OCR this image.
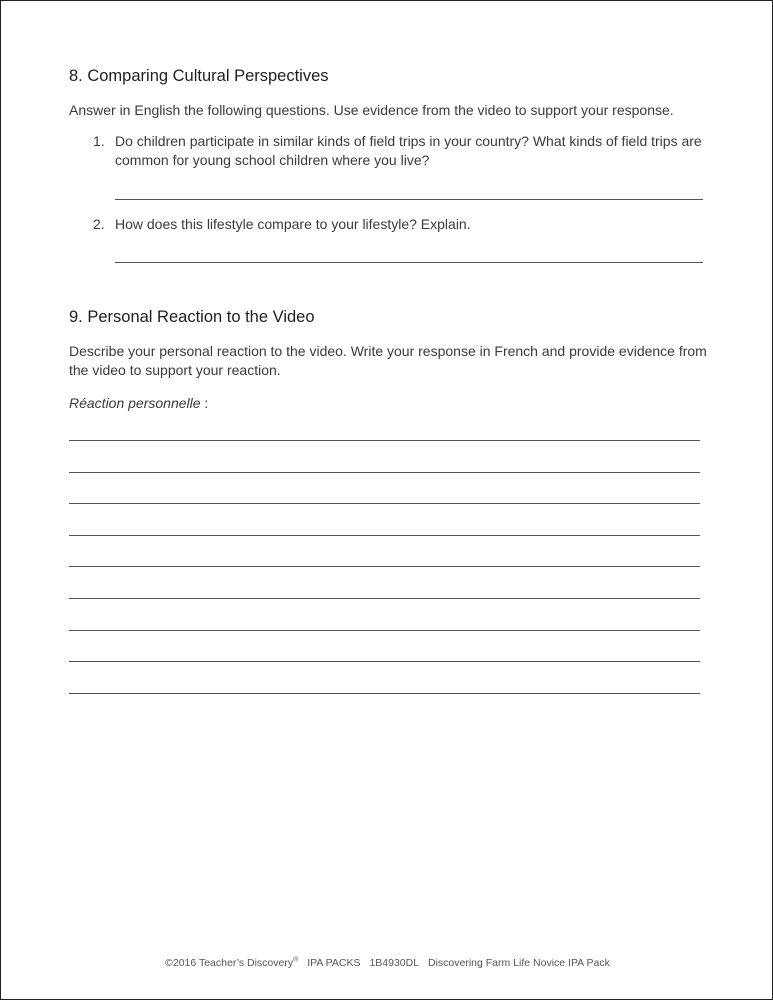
8. Comparing Cultural Perspectives

Answer in English the following questions. Use evidence from the video to support your response.

1. Do children participate in similar kinds of field trips in your country? What kinds of field trips are common for young school children where you live?
2. How does this lifestyle compare to your lifestyle? Explain.
9. Personal Reaction to the Video

Describe your personal reaction to the video. Write your response in French and provide evidence from the video to support your reaction.

Réaction personnelle :

©2016 Teacher’s Discovery® IPA PACKS 1B4930DL Discovering Farm Life Novice IPA Pack
